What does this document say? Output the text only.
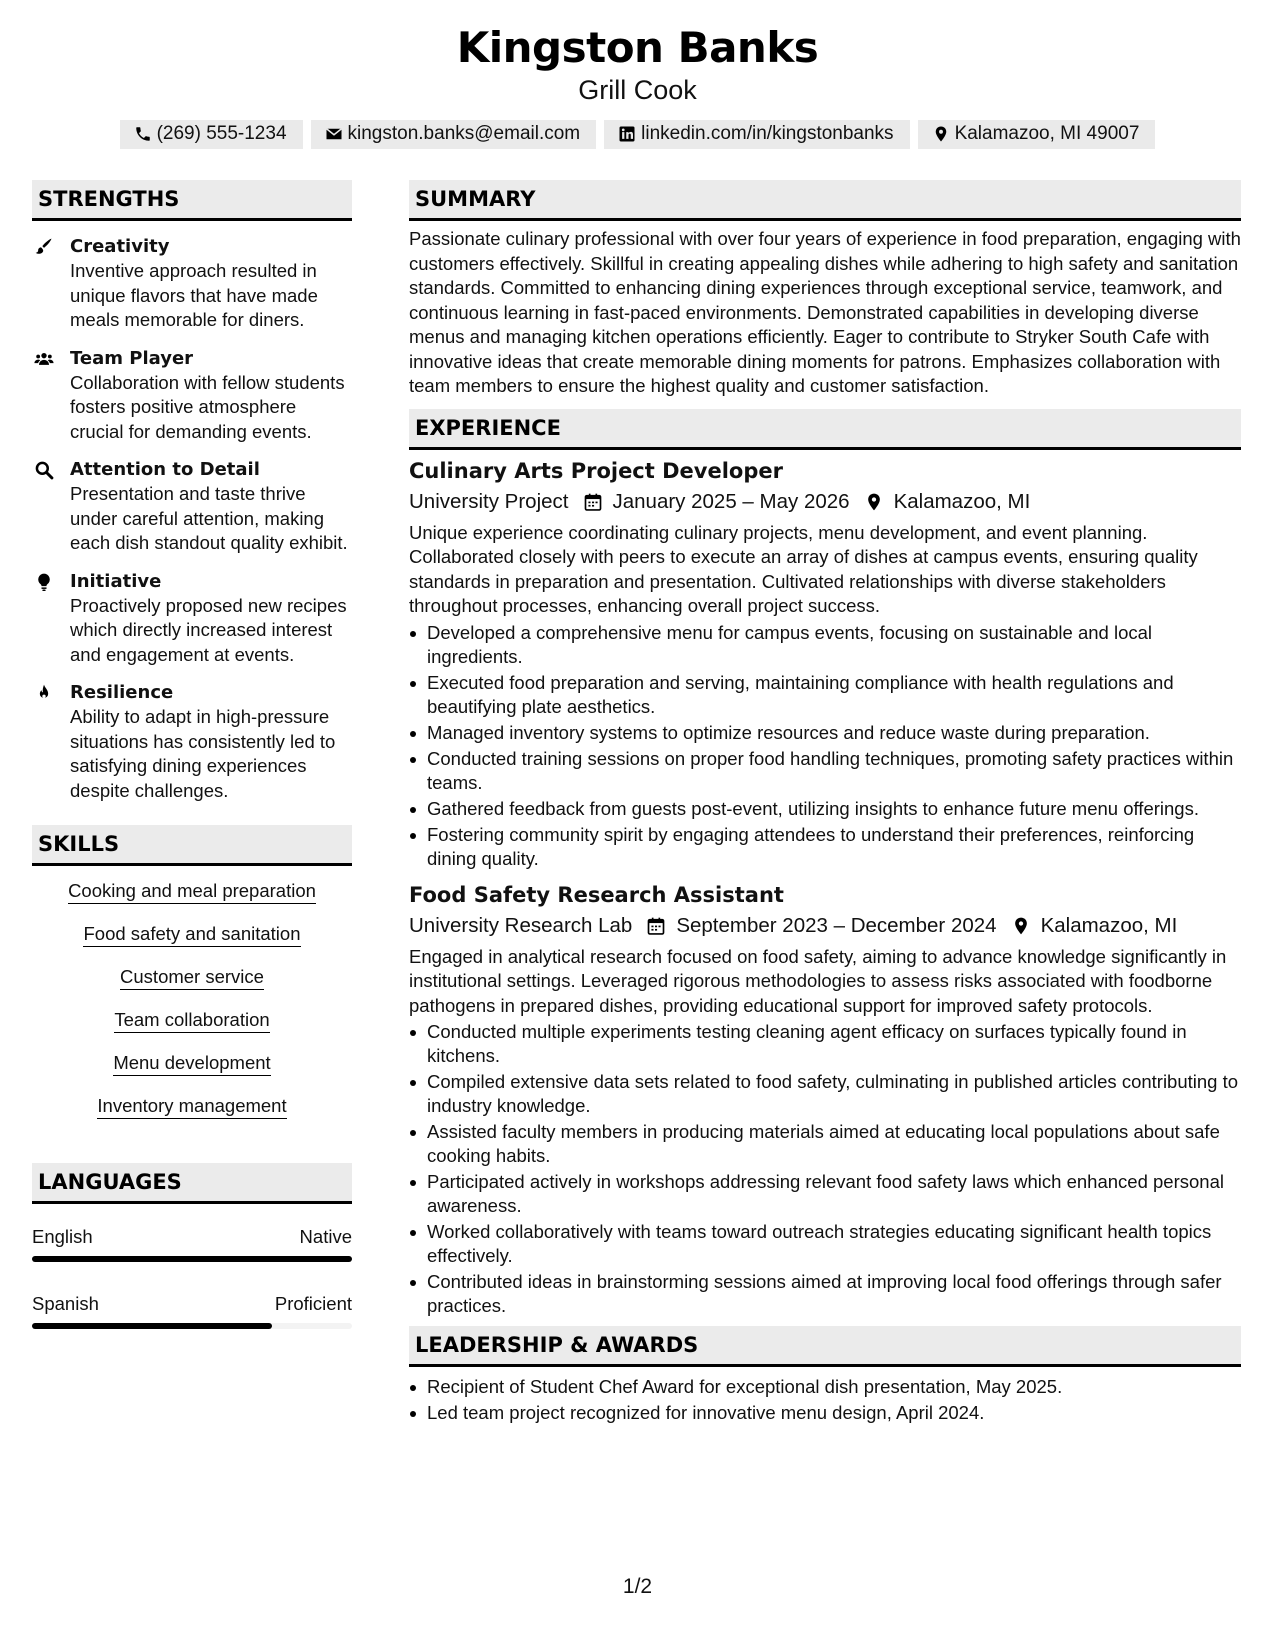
Kingston Banks
Grill Cook
(269) 555-1234	kingston.banks@email.com	linkedin.com/in/kingstonbanks	Kalamazoo, MI 49007
STRENGTHS
Creativity
Inventive approach resulted in unique flavors that have made meals memorable for diners.
Team Player
Collaboration with fellow students fosters positive atmosphere crucial for demanding events.
Attention to Detail
Presentation and taste thrive under careful attention, making each dish standout quality exhibit.
Initiative
Proactively proposed new recipes which directly increased interest and engagement at events.
Resilience
Ability to adapt in high-pressure situations has consistently led to satisfying dining experiences despite challenges.
SKILLS
Cooking and meal preparation
Food safety and sanitation
Customer service
Team collaboration
Menu development
Inventory management
LANGUAGES
English	Native
Spanish	Proficient
SUMMARY
Passionate culinary professional with over four years of experience in food preparation, engaging with customers effectively. Skillful in creating appealing dishes while adhering to high safety and sanitation standards. Committed to enhancing dining experiences through exceptional service, teamwork, and continuous learning in fast-paced environments. Demonstrated capabilities in developing diverse menus and managing kitchen operations efficiently. Eager to contribute to Stryker South Cafe with innovative ideas that create memorable dining moments for patrons. Emphasizes collaboration with team members to ensure the highest quality and customer satisfaction.
EXPERIENCE
Culinary Arts Project Developer
University Project January 2025 – May 2026 Kalamazoo, MI
Unique experience coordinating culinary projects, menu development, and event planning. Collaborated closely with peers to execute an array of dishes at campus events, ensuring quality standards in preparation and presentation. Cultivated relationships with diverse stakeholders throughout processes, enhancing overall project success.
Developed a comprehensive menu for campus events, focusing on sustainable and local ingredients.
Executed food preparation and serving, maintaining compliance with health regulations and beautifying plate aesthetics.
Managed inventory systems to optimize resources and reduce waste during preparation.
Conducted training sessions on proper food handling techniques, promoting safety practices within teams.
Gathered feedback from guests post-event, utilizing insights to enhance future menu offerings.
Fostering community spirit by engaging attendees to understand their preferences, reinforcing dining quality.
Food Safety Research Assistant
University Research Lab September 2023 – December 2024 Kalamazoo, MI
Engaged in analytical research focused on food safety, aiming to advance knowledge significantly in institutional settings. Leveraged rigorous methodologies to assess risks associated with foodborne pathogens in prepared dishes, providing educational support for improved safety protocols.
Conducted multiple experiments testing cleaning agent efficacy on surfaces typically found in kitchens.
Compiled extensive data sets related to food safety, culminating in published articles contributing to industry knowledge.
Assisted faculty members in producing materials aimed at educating local populations about safe cooking habits.
Participated actively in workshops addressing relevant food safety laws which enhanced personal awareness.
Worked collaboratively with teams toward outreach strategies educating significant health topics effectively.
Contributed ideas in brainstorming sessions aimed at improving local food offerings through safer practices.
LEADERSHIP & AWARDS
Recipient of Student Chef Award for exceptional dish presentation, May 2025.
Led team project recognized for innovative menu design, April 2024.
1/2
